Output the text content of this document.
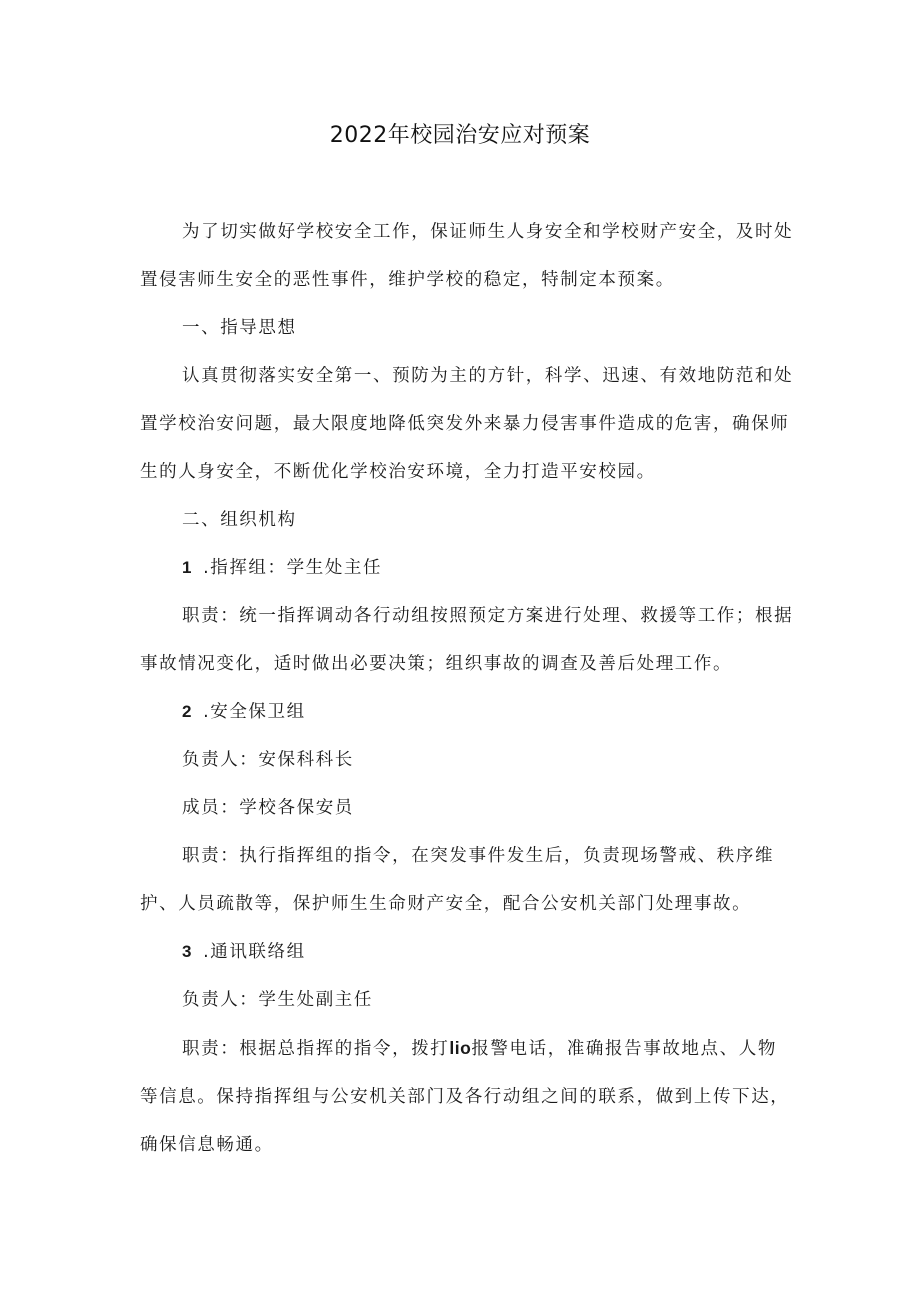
2022年校园治安应对预案

为了切实做好学校安全工作，保证师生人身安全和学校财产安全，及时处置侵害师生安全的恶性事件，维护学校的稳定，特制定本预案。

一、指导思想

认真贯彻落实安全第一、预防为主的方针，科学、迅速、有效地防范和处置学校治安问题，最大限度地降低突发外来暴力侵害事件造成的危害，确保师生的人身安全，不断优化学校治安环境，全力打造平安校园。

二、组织机构

1 .指挥组：学生处主任

职责：统一指挥调动各行动组按照预定方案进行处理、救援等工作；根据事故情况变化，适时做出必要决策；组织事故的调查及善后处理工作。

2 .安全保卫组

负责人：安保科科长

成员：学校各保安员

职责：执行指挥组的指令，在突发事件发生后，负责现场警戒、秩序维护、人员疏散等，保护师生生命财产安全，配合公安机关部门处理事故。

3 .通讯联络组

负责人：学生处副主任

职责：根据总指挥的指令，拨打lio报警电话，准确报告事故地点、人物等信息。保持指挥组与公安机关部门及各行动组之间的联系，做到上传下达，确保信息畅通。
